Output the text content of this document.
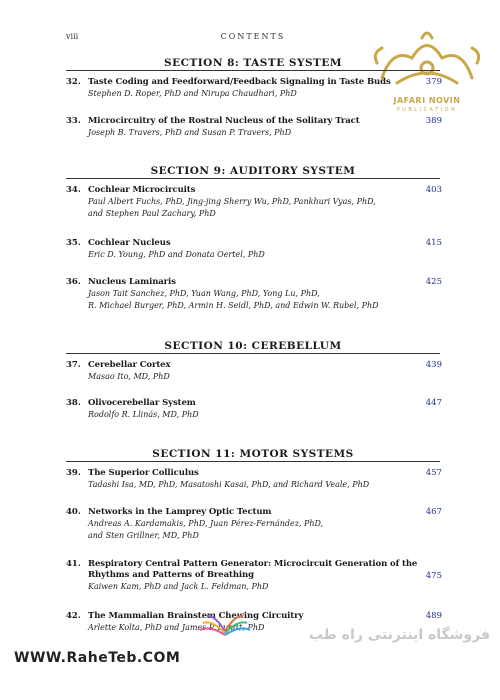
viii	CONTENTS
JAFARI NOVIN
PUBLICATION
SECTION 8: TASTE SYSTEM
32. Taste Coding and Feedforward/Feedback Signaling in Taste Buds
Stephen D. Roper, PhD and Nirupa Chaudhari, PhD
379
33. Microcircuitry of the Rostral Nucleus of the Solitary Tract
Joseph B. Travers, PhD and Susan P. Travers, PhD
389
SECTION 9: AUDITORY SYSTEM
34. Cochlear Microcircuits
Paul Albert Fuchs, PhD, Jing-jing Sherry Wu, PhD, Pankhuri Vyas, PhD,
and Stephen Paul Zachary, PhD
403
35. Cochlear Nucleus
Eric D. Young, PhD and Donata Oertel, PhD
415
36. Nucleus Laminaris
Jason Tait Sanchez, PhD, Yuan Wang, PhD, Yong Lu, PhD,
R. Michael Burger, PhD, Armin H. Seidl, PhD, and Edwin W. Rubel, PhD
425
SECTION 10: CEREBELLUM
37. Cerebellar Cortex
Masao Ito, MD, PhD
439
38. Olivocerebellar System
Rodolfo R. Llinás, MD, PhD
447
SECTION 11: MOTOR SYSTEMS
39. The Superior Colliculus
Tadashi Isa, MD, PhD, Masatoshi Kasai, PhD, and Richard Veale, PhD
457
40. Networks in the Lamprey Optic Tectum
Andreas A. Kardamakis, PhD, Juan Pérez-Fernández, PhD,
and Sten Grillner, MD, PhD
467
41. Respiratory Central Pattern Generator: Microcircuit Generation of the Rhythms and Patterns of Breathing
Kaiwen Kam, PhD and Jack L. Feldman, PhD
475
42. The Mammalian Brainstem Chewing Circuitry
Arlette Kolta, PhD and James P. Lund†, PhD
489
فروشگاه اینترنتی راه طب
WWW.RaheTeb.COM
